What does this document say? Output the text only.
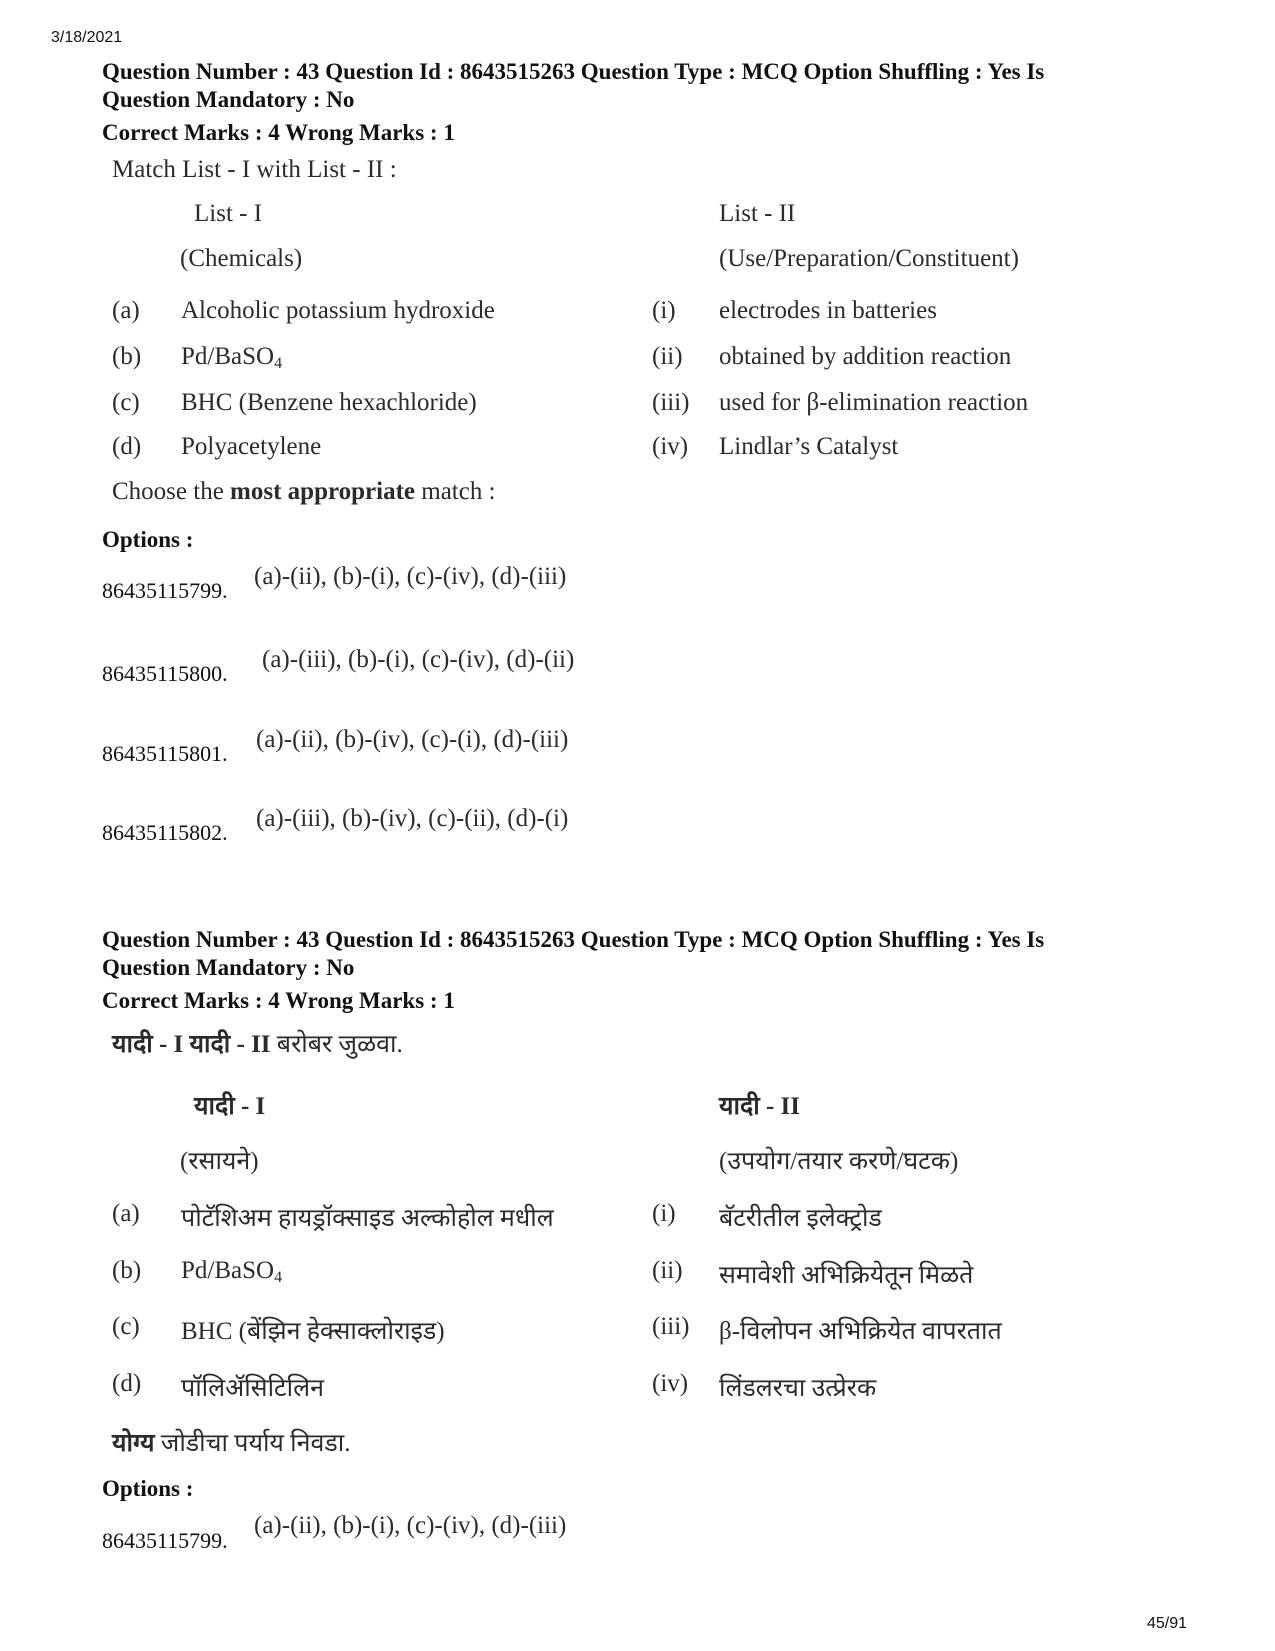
3/18/2021
Question Number : 43 Question Id : 8643515263 Question Type : MCQ Option Shuffling : Yes Is
Question Mandatory : No
Correct Marks : 4 Wrong Marks : 1
Match List - I with List - II :
List - I	List - II
(Chemicals)	(Use/Preparation/Constituent)
(a) Alcoholic potassium hydroxide	(i) electrodes in batteries
(b) Pd/BaSO$_4$	(ii) obtained by addition reaction
(c) BHC (Benzene hexachloride)	(iii) used for β-elimination reaction
(d) Polyacetylene	(iv) Lindlar’s Catalyst
Choose the most appropriate match :
Options :
86435115799.
(a)-(ii), (b)-(i), (c)-(iv), (d)-(iii)
86435115800.
(a)-(iii), (b)-(i), (c)-(iv), (d)-(ii)
86435115801.
(a)-(ii), (b)-(iv), (c)-(i), (d)-(iii)
86435115802.
(a)-(iii), (b)-(iv), (c)-(ii), (d)-(i)
Question Number : 43 Question Id : 8643515263 Question Type : MCQ Option Shuffling : Yes Is
Question Mandatory : No
Correct Marks : 4 Wrong Marks : 1
यादी - I यादी - II बरोबर जुळवा.
यादी - I	यादी - II
(रसायने)	(उपयोग/तयार करणे/घटक)
(a) पोटॅशिअम हायड्रॉक्साइड अल्कोहोल मधील	(i) बॅटरीतील इलेक्ट्रोड
(b) Pd/BaSO$_4$	(ii) समावेशी अभिक्रियेतून मिळते
(c) BHC (बेंझिन हेक्साक्लोराइड)	(iii) β-विलोपन अभिक्रियेत वापरतात
(d) पॉलिॲसिटिलिन	(iv) लिंडलरचा उत्प्रेरक
योग्य जोडीचा पर्याय निवडा.
Options :
86435115799.
(a)-(ii), (b)-(i), (c)-(iv), (d)-(iii)
45/91
